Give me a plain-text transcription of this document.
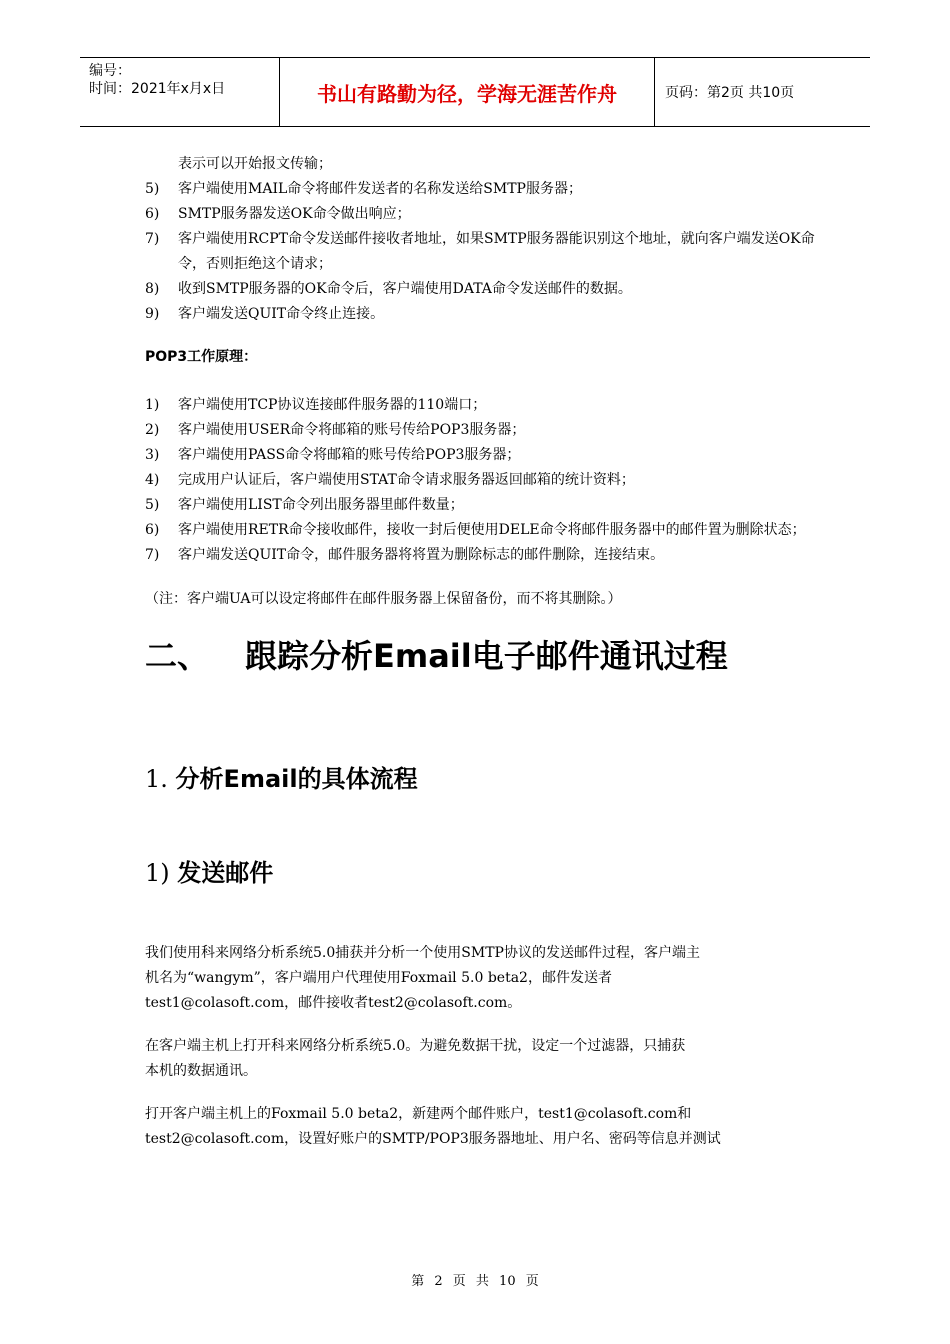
编号：
时间：2021年x月x日	书山有路勤为径，学海无涯苦作舟	页码：第2页 共10页
表示可以开始报文传输；
5)	客户端使用MAIL命令将邮件发送者的名称发送给SMTP服务器；
6)	SMTP服务器发送OK命令做出响应；
7)	客户端使用RCPT命令发送邮件接收者地址，如果SMTP服务器能识别这个地址，就向客户端发送OK命令，否则拒绝这个请求；
8)	收到SMTP服务器的OK命令后，客户端使用DATA命令发送邮件的数据。
9)	客户端发送QUIT命令终止连接。
POP3工作原理：
1)	客户端使用TCP协议连接邮件服务器的110端口；
2)	客户端使用USER命令将邮箱的账号传给POP3服务器；
3)	客户端使用PASS命令将邮箱的账号传给POP3服务器；
4)	完成用户认证后，客户端使用STAT命令请求服务器返回邮箱的统计资料；
5)	客户端使用LIST命令列出服务器里邮件数量；
6)	客户端使用RETR命令接收邮件，接收一封后便使用DELE命令将邮件服务器中的邮件置为删除状态；
7)	客户端发送QUIT命令，邮件服务器将将置为删除标志的邮件删除，连接结束。
（注：客户端UA可以设定将邮件在邮件服务器上保留备份，而不将其删除。）
二、	跟踪分析Email电子邮件通讯过程
1. 分析Email的具体流程
1) 发送邮件
我们使用科来网络分析系统5.0捕获并分析一个使用SMTP协议的发送邮件过程，客户端主
机名为“wangym”，客户端用户代理使用Foxmail 5.0 beta2，邮件发送者
test1@colasoft.com，邮件接收者test2@colasoft.com。
在客户端主机上打开科来网络分析系统5.0。为避免数据干扰，设定一个过滤器，只捕获
本机的数据通讯。
打开客户端主机上的Foxmail 5.0 beta2，新建两个邮件账户，test1@colasoft.com和
test2@colasoft.com，设置好账户的SMTP/POP3服务器地址、用户名、密码等信息并测试
第 2 页 共 10 页
